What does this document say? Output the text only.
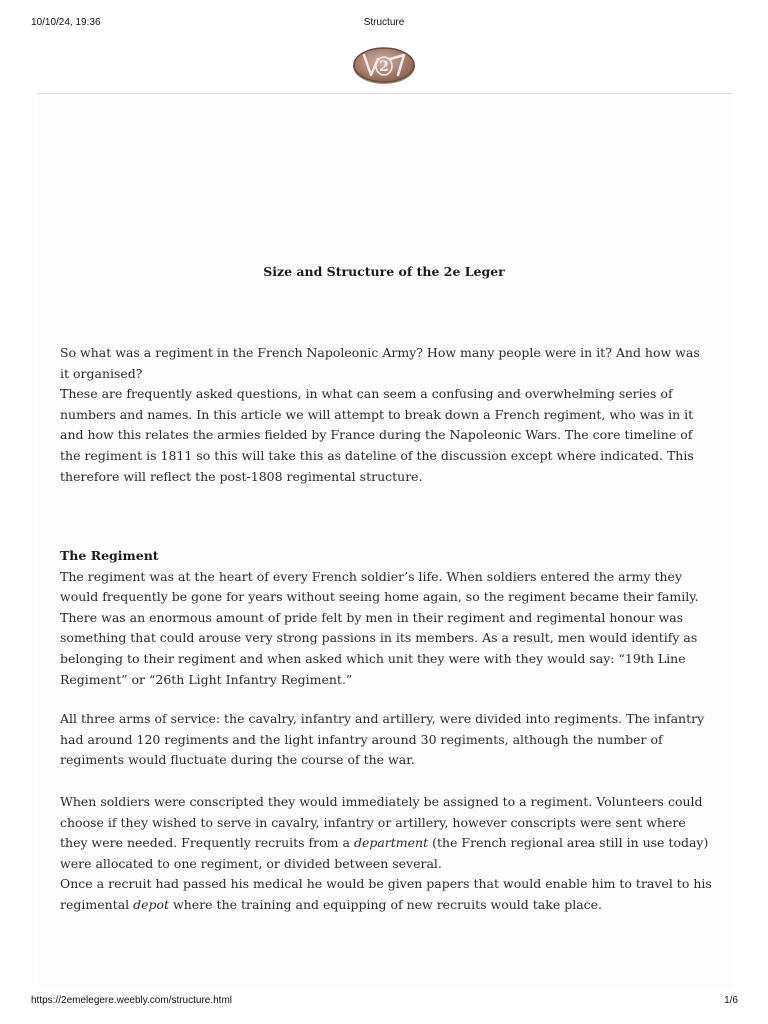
10/10/24, 19:36	Structure
2
Size and Structure of the 2e Leger

So what was a regiment in the French Napoleonic Army? How many people were in it? And how was it organised?

These are frequently asked questions, in what can seem a confusing and overwhelming series of numbers and names. In this article we will attempt to break down a French regiment, who was in it and how this relates the armies fielded by France during the Napoleonic Wars. The core timeline of the regiment is 1811 so this will take this as dateline of the discussion except where indicated. This therefore will reflect the post-1808 regimental structure.

The Regiment

The regiment was at the heart of every French soldier’s life. When soldiers entered the army they would frequently be gone for years without seeing home again, so the regiment became their family. There was an enormous amount of pride felt by men in their regiment and regimental honour was something that could arouse very strong passions in its members. As a result, men would identify as belonging to their regiment and when asked which unit they were with they would say: “19th Line Regiment” or “26th Light Infantry Regiment.”

All three arms of service: the cavalry, infantry and artillery, were divided into regiments. The infantry had around 120 regiments and the light infantry around 30 regiments, although the number of regiments would fluctuate during the course of the war.

When soldiers were conscripted they would immediately be assigned to a regiment. Volunteers could choose if they wished to serve in cavalry, infantry or artillery, however conscripts were sent where they were needed. Frequently recruits from a department (the French regional area still in use today) were allocated to one regiment, or divided between several.

Once a recruit had passed his medical he would be given papers that would enable him to travel to his regimental depot where the training and equipping of new recruits would take place.

https://2emelegere.weebly.com/structure.html	1/6
